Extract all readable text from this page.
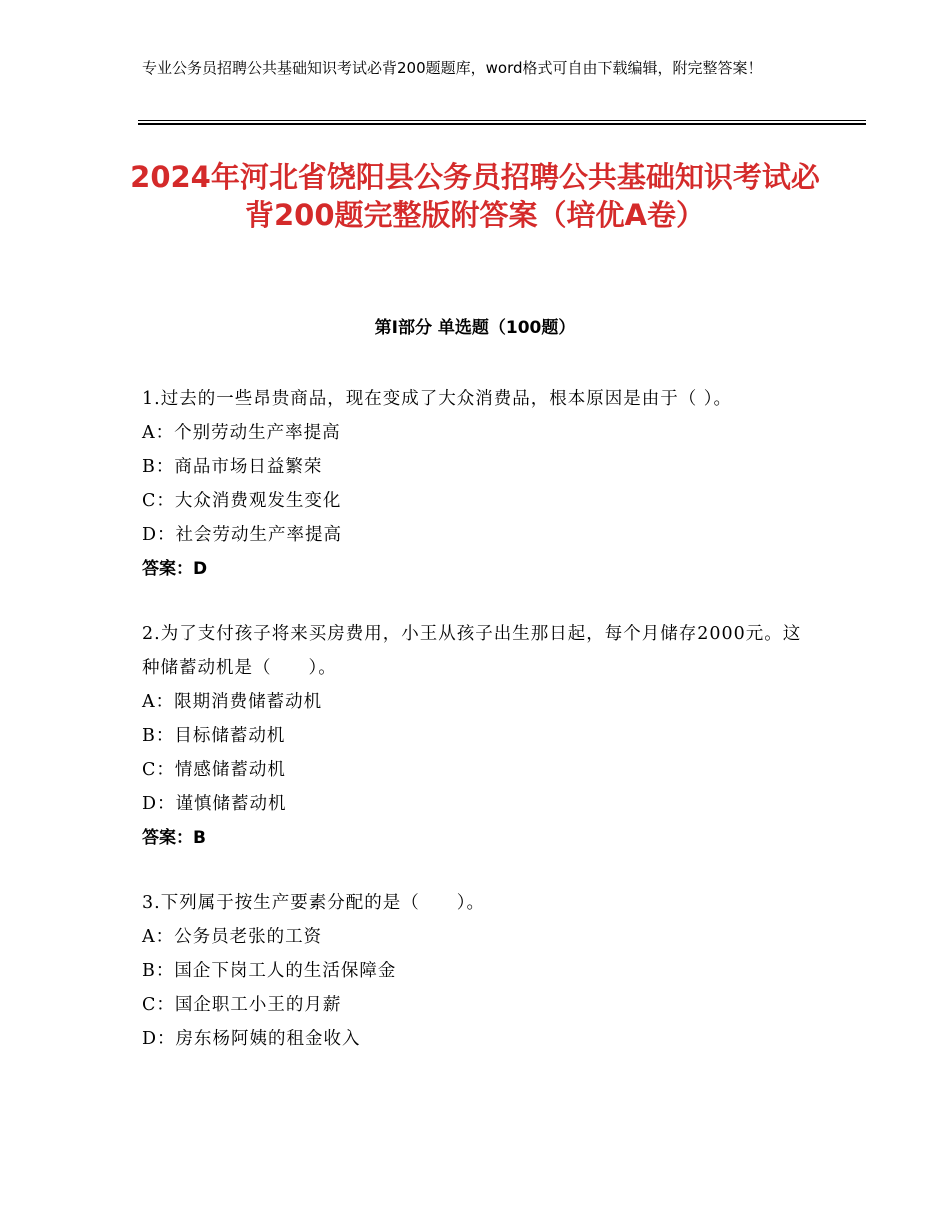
专业公务员招聘公共基础知识考试必背200题题库，word格式可自由下载编辑，附完整答案！
2024年河北省饶阳县公务员招聘公共基础知识考试必背200题完整版附答案（培优A卷）
第I部分 单选题（100题）
1.过去的一些昂贵商品，现在变成了大众消费品，根本原因是由于（ ）。
A：个别劳动生产率提高
B：商品市场日益繁荣
C：大众消费观发生变化
D：社会劳动生产率提高
答案：D
2.为了支付孩子将来买房费用，小王从孩子出生那日起，每个月储存2000元。这种储蓄动机是（　　）。
A：限期消费储蓄动机
B：目标储蓄动机
C：情感储蓄动机
D：谨慎储蓄动机
答案：B
3.下列属于按生产要素分配的是（　　）。
A：公务员老张的工资
B：国企下岗工人的生活保障金
C：国企职工小王的月薪
D：房东杨阿姨的租金收入
